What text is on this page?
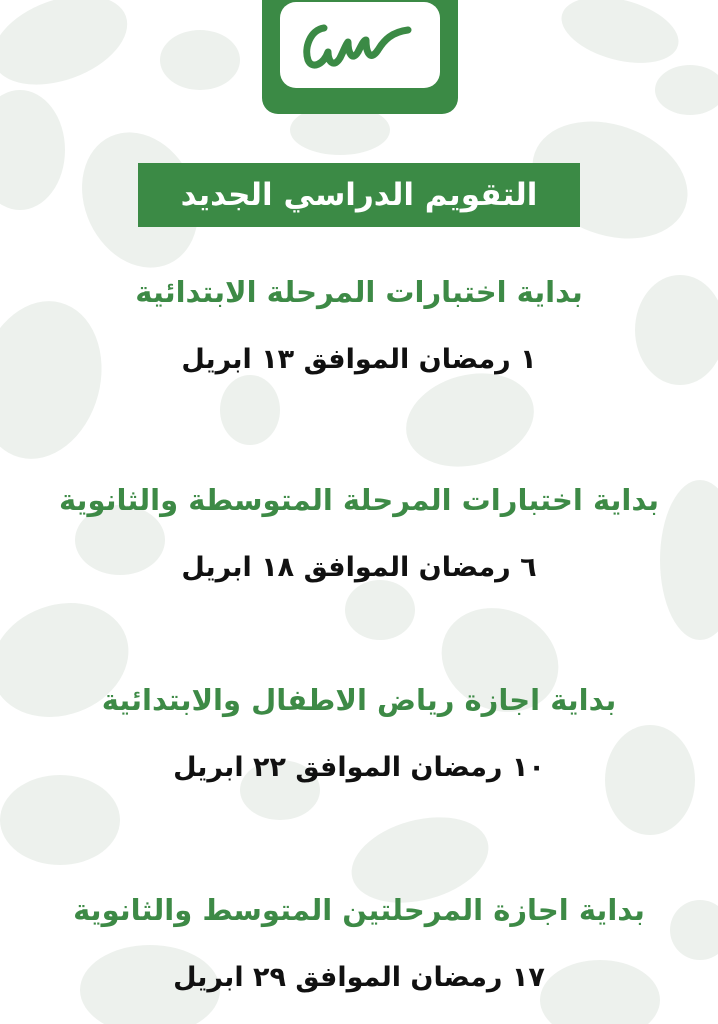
التقويم الدراسي الجديد
بداية اختبارات المرحلة الابتدائية
١ رمضان الموافق ١٣ ابريل
بداية اختبارات المرحلة المتوسطة والثانوية
٦ رمضان الموافق ١٨ ابريل
بداية اجازة رياض الاطفال والابتدائية
١٠ رمضان الموافق ٢٢ ابريل
بداية اجازة المرحلتين المتوسط والثانوية
١٧ رمضان الموافق ٢٩ ابريل
